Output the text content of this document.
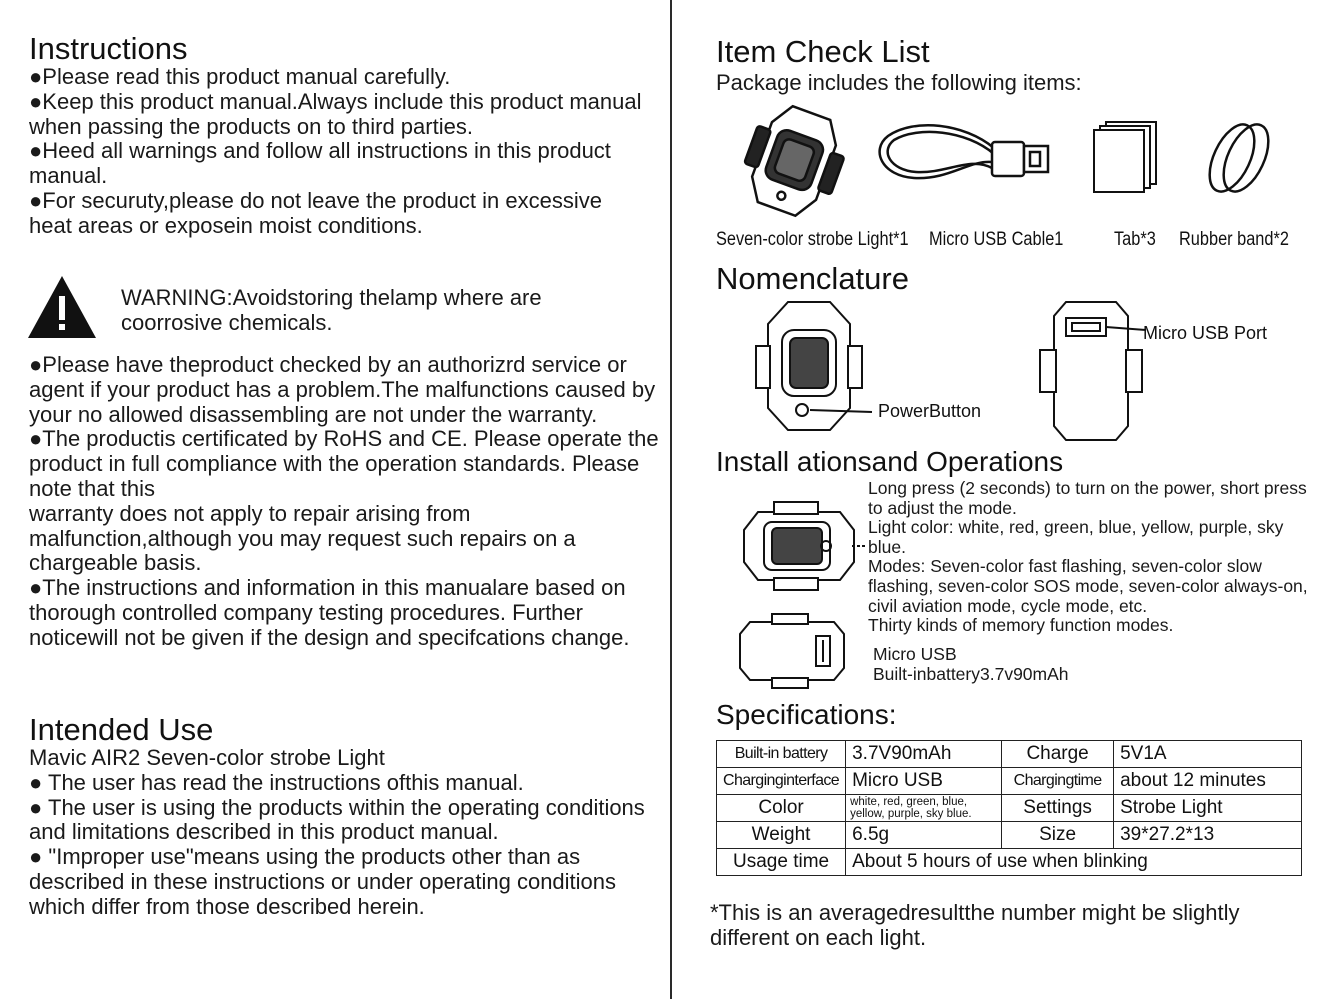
Instructions

●Please read this product manual carefully.

●Keep this product manual.Always include this product manual when passing the products on to third parties.

●Heed all warnings and follow all instructions in this product manual.

●For securuty,please do not leave the product in excessive heat areas or exposein moist conditions.

WARNING:Avoidstoring thelamp where are coorrosive chemicals.

●Please have theproduct checked by an authorizrd service or agent if your product has a problem.The malfunctions caused by your no allowed disassembling are not under the warranty.

●The productis certificated by RoHS and CE. Please operate the product in full compliance with the operation standards. Please note that this

warranty does not apply to repair arising from malfunction,although you may request such repairs on a chargeable basis.

●The instructions and information in this manualare based on thorough controlled company testing procedures. Further noticewill not be given if the design and specifcations change.

Intended Use

Mavic AIR2 Seven-color strobe Light

● The user has read the instructions ofthis manual.

● The user is using the products within the operating conditions and limitations described in this product manual.

● "Improper use"means using the products other than as described in these instructions or under operating conditions which differ from those described herein.

Item Check List
Package includes the following items:
Seven-color strobe Light*1 Micro USB Cable1	Tab*3 Rubber band*2
Nomenclature
PowerButton
Micro USB Port
Install ationsand Operations

Long press (2 seconds) to turn on the power, short press to adjust the mode.

Light color: white, red, green, blue, yellow, purple, sky blue.

Modes: Seven-color fast flashing, seven-color slow flashing, seven-color SOS mode, seven-color always-on, civil aviation mode, cycle mode, etc.

Thirty kinds of memory function modes.

Micro USB

Built-inbattery3.7v90mAh

Specifications:
Built-in battery	3.7V90mAh	Charge	5V1A
Charginginterface	Micro USB	Chargingtime	about 12 minutes
Color	white, red, green, blue, yellow, purple, sky blue.	Settings	Strobe Light
Weight	6.5g	Size	39*27.2*13
Usage time	About 5 hours of use when blinking		
*This is an averagedresultthe number might be slightly different on each light.
